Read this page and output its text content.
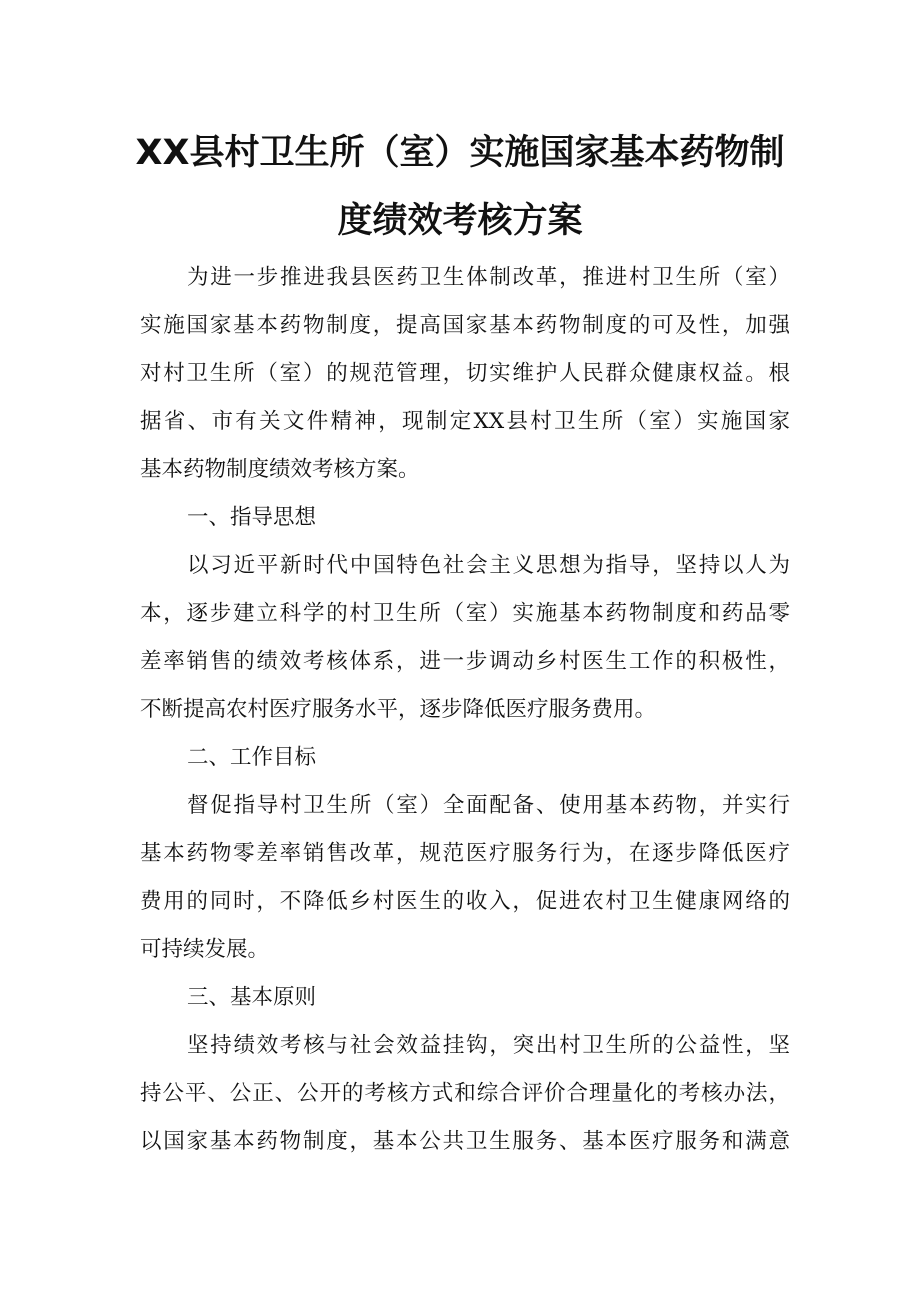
XX县村卫生所（室）实施国家基本药物制
度绩效考核方案
为进一步推进我县医药卫生体制改革，推进村卫生所（室）
实施国家基本药物制度，提高国家基本药物制度的可及性，加强
对村卫生所（室）的规范管理，切实维护人民群众健康权益。根
据省、市有关文件精神，现制定XX县村卫生所（室）实施国家
基本药物制度绩效考核方案。
一、指导思想
以习近平新时代中国特色社会主义思想为指导，坚持以人为
本，逐步建立科学的村卫生所（室）实施基本药物制度和药品零
差率销售的绩效考核体系，进一步调动乡村医生工作的积极性，
不断提高农村医疗服务水平，逐步降低医疗服务费用。
二、工作目标
督促指导村卫生所（室）全面配备、使用基本药物，并实行
基本药物零差率销售改革，规范医疗服务行为，在逐步降低医疗
费用的同时，不降低乡村医生的收入，促进农村卫生健康网络的
可持续发展。
三、基本原则
坚持绩效考核与社会效益挂钩，突出村卫生所的公益性，坚
持公平、公正、公开的考核方式和综合评价合理量化的考核办法，
以国家基本药物制度，基本公共卫生服务、基本医疗服务和满意
